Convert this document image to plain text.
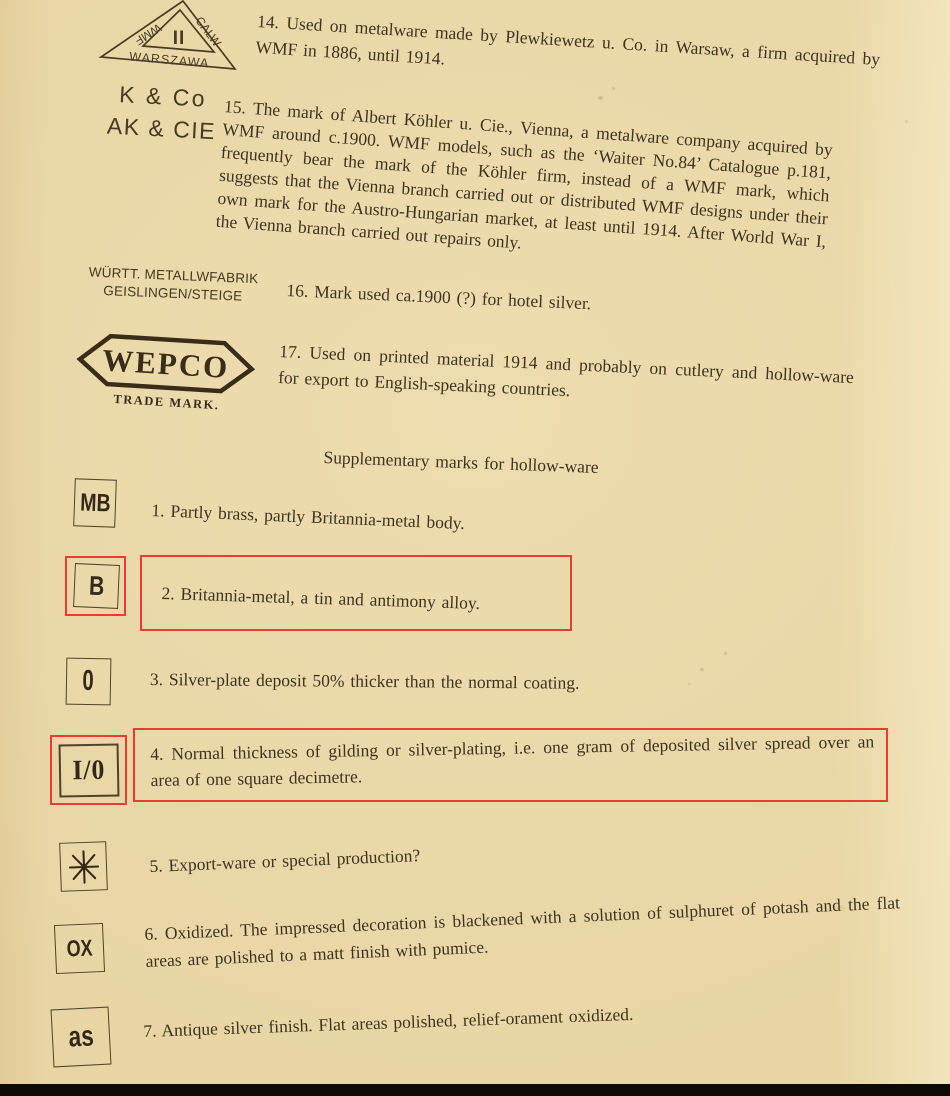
II
WMF CALW
WARSZAWA	14. Used on metalware made by Plewkiewetz u. Co. in Warsaw, a firm acquired by WMF in 1886, until 1914.
K & Co
AK & CIE 15. The mark of Albert Köhler u. Cie., Vienna, a metalware company acquired by WMF around c.1900. WMF models, such as the ‘Waiter No.84’ Catalogue p.181, frequently bear the mark of the Köhler firm, instead of a WMF mark, which suggests that the Vienna branch carried out or distributed WMF designs under their own mark for the Austro-Hungarian market, at least until 1914. After World War I, the Vienna branch carried out repairs only.
WÜRTT. METALLWFABRIK
GEISLINGEN/STEIGE	16. Mark used ca.1900 (?) for hotel silver.
WEPCO
TRADE MARK.
17. Used on printed material 1914 and probably on cutlery and hollow-ware for export to English-speaking countries.
Supplementary marks for hollow-ware
MB 1. Partly brass, partly Britannia-metal body.
B	2. Britannia-metal, a tin and antimony alloy.
0	3. Silver-plate deposit 50% thicker than the normal coating.
I/0
4. Normal thickness of gilding or silver-plating, i.e. one gram of deposited silver spread over an area of one square decimetre.
5. Export-ware or special production?
OX
6. Oxidized. The impressed decoration is blackened with a solution of sulphuret of potash and the flat areas are polished to a matt finish with pumice.
as	7. Antique silver finish. Flat areas polished, relief-orament oxidized.
